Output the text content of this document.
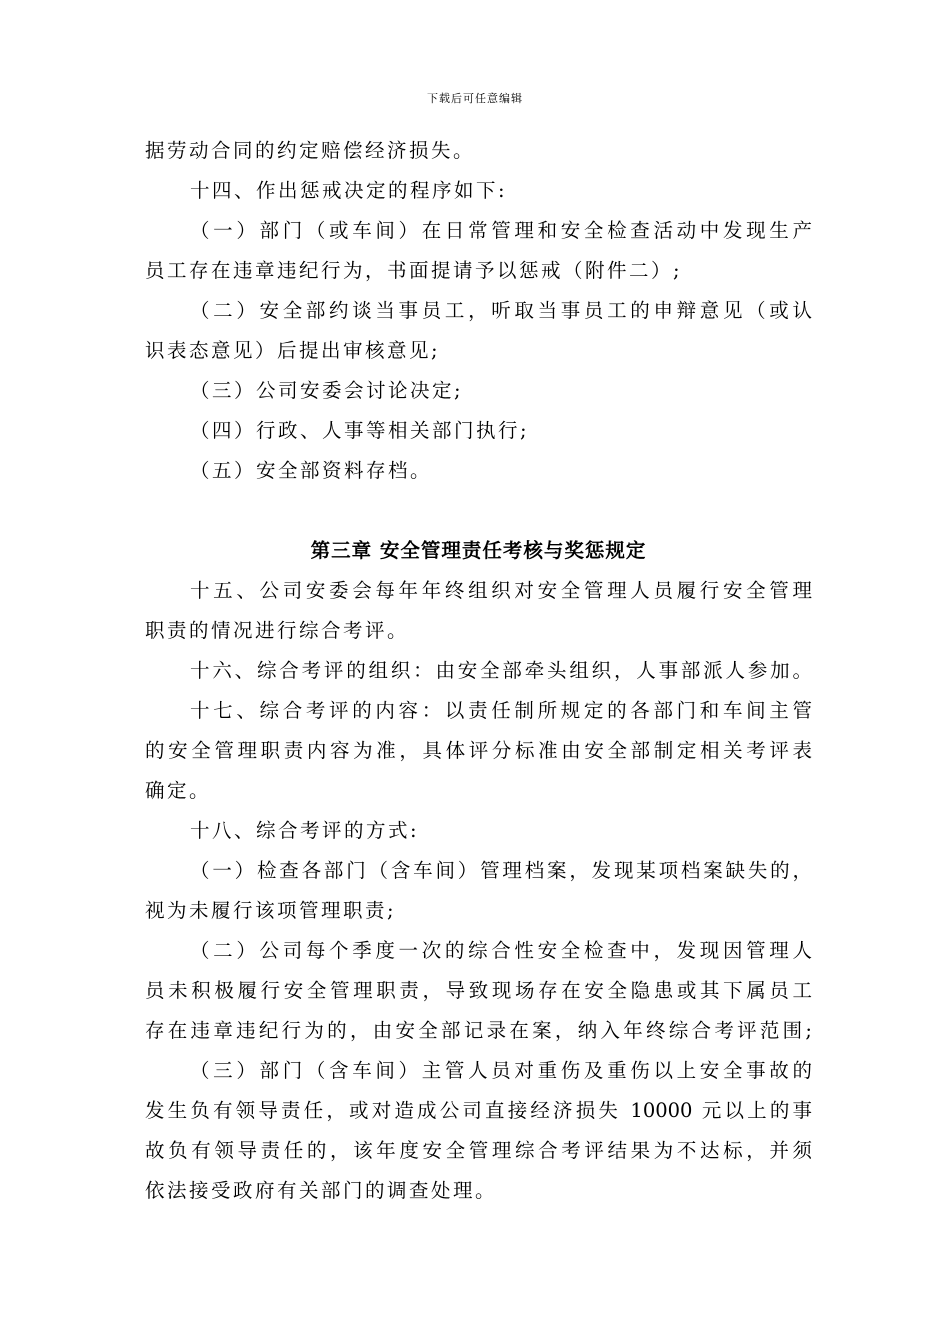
下载后可任意编辑
据劳动合同的约定赔偿经济损失。
十四、作出惩戒决定的程序如下:
（一）部门（或车间）在日常管理和安全检查活动中发现生产
员工存在违章违纪行为，书面提请予以惩戒（附件二）;
（二）安全部约谈当事员工，听取当事员工的申辩意见（或认
识表态意见）后提出审核意见;
（三）公司安委会讨论决定;
（四）行政、人事等相关部门执行;
（五）安全部资料存档。
第三章 安全管理责任考核与奖惩规定
十五、公司安委会每年年终组织对安全管理人员履行安全管理
职责的情况进行综合考评。
十六、综合考评的组织：由安全部牵头组织，人事部派人参加。
十七、综合考评的内容：以责任制所规定的各部门和车间主管
的安全管理职责内容为准，具体评分标准由安全部制定相关考评表
确定。
十八、综合考评的方式:
（一）检查各部门（含车间）管理档案，发现某项档案缺失的，
视为未履行该项管理职责;
（二）公司每个季度一次的综合性安全检查中，发现因管理人
员未积极履行安全管理职责，导致现场存在安全隐患或其下属员工
存在违章违纪行为的，由安全部记录在案，纳入年终综合考评范围;
（三）部门（含车间）主管人员对重伤及重伤以上安全事故的
发生负有领导责任，或对造成公司直接经济损失 10000 元以上的事
故负有领导责任的，该年度安全管理综合考评结果为不达标，并须
依法接受政府有关部门的调查处理。
